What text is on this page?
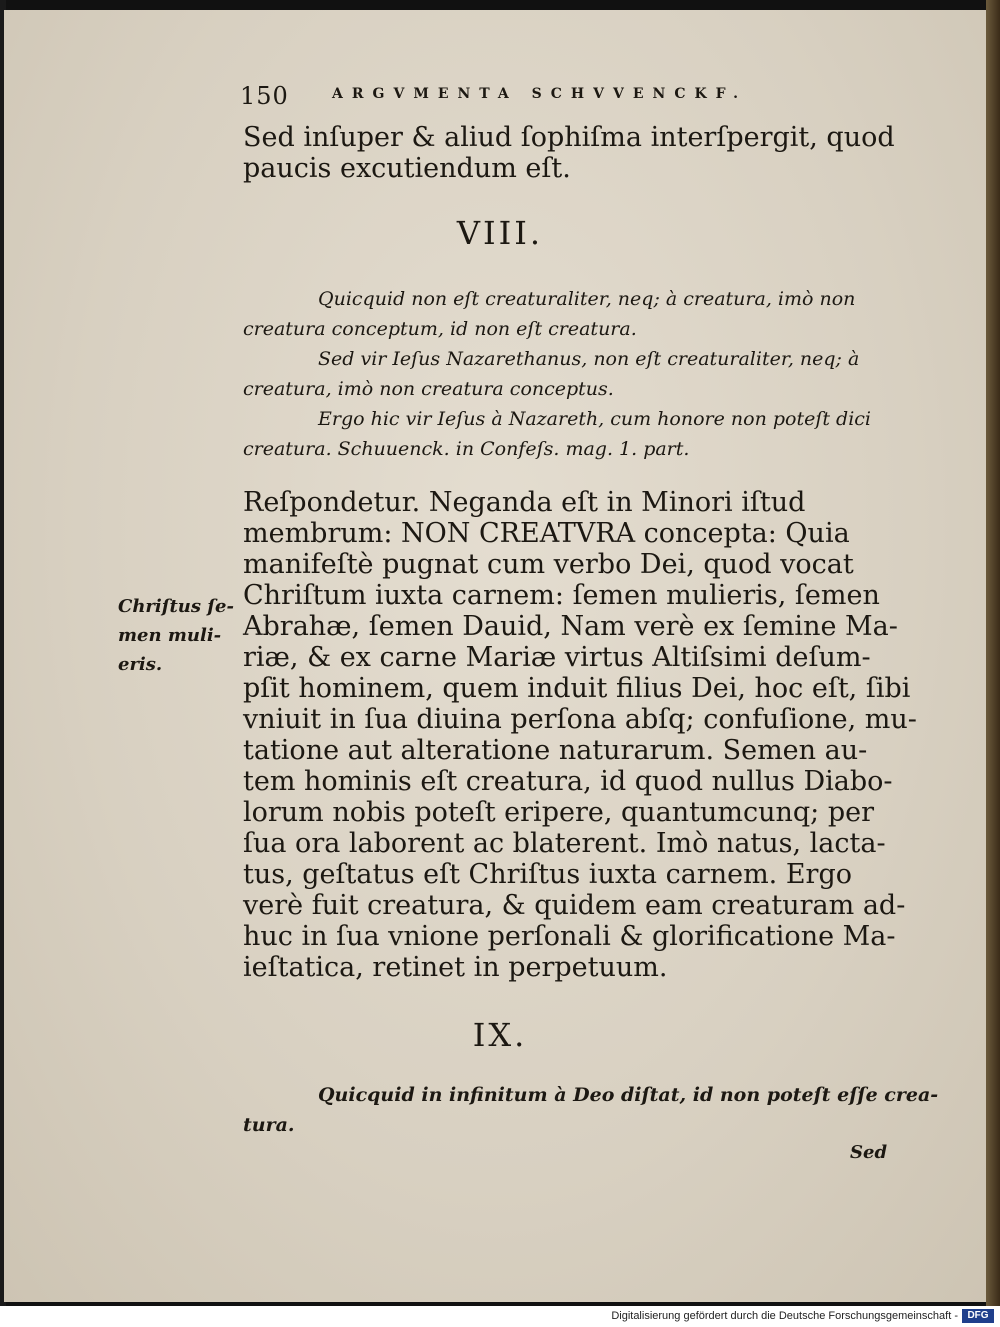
150	ARGVMENTA SCHVVENCKF.
Sed inſuper & aliud ſophiſma interſpergit, quod
paucis excutiendum eſt.
VIII.

Quicquid non eſt creaturaliter, neq; à creatura, imò non creatura conceptum, id non eſt creatura.

Sed vir Ieſus Nazarethanus, non eſt creaturaliter, neq; à creatura, imò non creatura conceptus.

Ergo hic vir Ieſus à Nazareth, cum honore non poteſt dici creatura. Schuuenck. in Confeſs. mag. 1. part.

Reſpondetur. Neganda eſt in Minori iſtud
membrum: NON CREATVRA concepta: Quia
manifeſtè pugnat cum verbo Dei, quod vocat
Chriſtum iuxta carnem: ſemen mulieris, ſemen
Abrahæ, ſemen Dauid, Nam verè ex ſemine Ma-
riæ, & ex carne Mariæ virtus Altiſsimi deſum-
pſit hominem, quem induit filius Dei, hoc eſt, ſibi
vniuit in ſua diuina perſona abſq; confuſione, mu-
tatione aut alteratione naturarum. Semen au-
tem hominis eſt creatura, id quod nullus Diabo-
lorum nobis poteſt eripere, quantumcunq; per
ſua ora laborent ac blaterent. Imò natus, lacta-
tus, geſtatus eſt Chriſtus iuxta carnem. Ergo
verè fuit creatura, & quidem eam creaturam ad-
huc in ſua vnione perſonali & glorificatione Ma-
ieſtatica, retinet in perpetuum.
Chriſtus ſe-
men muli-
eris.
IX.
Quicquid in infinitum à Deo diſtat, id non poteſt eſſe crea-
tura.
Sed
Digitalisierung gefördert durch die Deutsche Forschungsgemeinschaft - DFG
